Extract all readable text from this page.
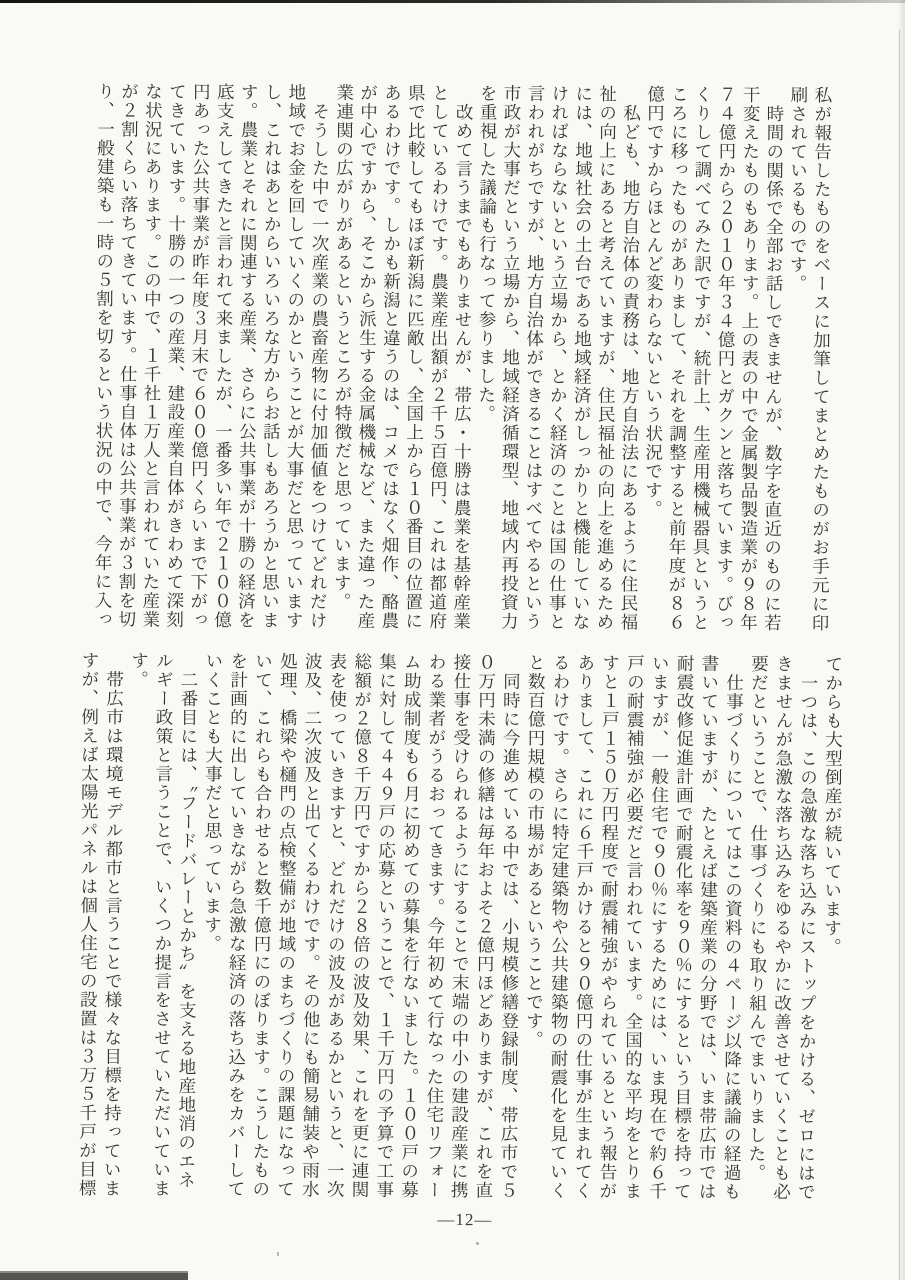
私が報告したものをベースに加筆してまとめたものがお手元に印刷されているものです。

時間の関係で全部お話しできませんが、数字を直近のものに若干変えたものもあります。上の表の中で金属製品製造業が９８年７４億円から２０１０年３４億円とガクンと落ちています。びっくりして調べてみた訳ですが、統計上、生産用機械器具というところに移ったものがありまして、それを調整すると前年度が８６億円ですからほとんど変わらないという状況です。

私ども、地方自治体の責務は、地方自治法にあるように住民福祉の向上にあると考えていますが、住民福祉の向上を進めるためには、地域社会の土台である地域経済がしっかりと機能していなければならないという立場から、とかく経済のことは国の仕事と言われがちですが、地方自治体ができることはすべてやるという市政が大事だという立場から、地域経済循環型、地域内再投資力を重視した議論も行なって参りました。

改めて言うまでもありませんが、帯広・十勝は農業を基幹産業としているわけです。農業産出額が２千５百億円、これは都道府県で比較してもほぼ新潟に匹敵し、全国上から１０番目の位置にあるわけです。しかも新潟と違うのは、コメではなく畑作、酪農が中心ですから、そこから派生する金属機械など、また違った産業連関の広がりがあるというところが特徴だと思っています。

そうした中で一次産業の農畜産物に付加価値をつけてどれだけ地域でお金を回していくのかということが大事だと思っていますし、これはあとからいろいろな方からお話しもあろうかと思います。農業とそれに関連する産業、さらに公共事業が十勝の経済を底支えしてきたと言われて来ましたが、一番多い年で２１００億円あった公共事業が昨年度３月末で６００億円くらいまで下がってきています。十勝の一つの産業、建設産業自体がきわめて深刻な状況にあります。この中で、１千社１万人と言われていた産業が２割くらい落ちてきています。仕事自体は公共事業が３割を切り、一般建築も一時の５割を切るという状況の中で、今年に入っ

てからも大型倒産が続いています。

一つは、この急激な落ち込みにストップをかける、ゼロにはできませんが急激な落ち込みをゆるやかに改善させていくことも必要だということで、仕事づくりにも取り組んでまいりました。

仕事づくりについてはこの資料の４ページ以降に議論の経過も書いていますが、たとえば建築産業の分野では、いま帯広市では耐震改修促進計画で耐震化率を９０％にするという目標を持っていますが、一般住宅で９０％にするためには、いま現在で約６千戸の耐震補強が必要だと言われています。全国的な平均をとりますと１戸１５０万円程度で耐震補強がやられているという報告がありまして、これに６千戸かけると９０億円の仕事が生まれてくるわけです。さらに特定建築物や公共建築物の耐震化を見ていくと数百億円規模の市場があるということです。

同時に今進めている中では、小規模修繕登録制度、帯広市で５０万円未満の修繕は毎年およそ２億円ほどありますが、これを直接仕事を受けられるようにすることで末端の中小の建設産業に携わる業者がうるおってきます。今年初めて行なった住宅リフォーム助成制度も６月に初めての募集を行ないました。１００戸の募集に対して４４９戸の応募ということで、１千万円の予算で工事総額が２億８千万円ですから２８倍の波及効果、これを更に連関表を使っていきますと、どれだけの波及があるかというと、一次波及、二次波及と出てくるわけです。その他にも簡易舗装や雨水処理、橋梁や樋門の点検整備が地域のまちづくりの課題になっていて、これらも合わせると数千億円にのぼります。こうしたものを計画的に出していきながら急激な経済の落ち込みをカバーしていくことも大事だと思っています。

二番目には、〝フードバレーとかち〟を支える地産地消のエネルギー政策と言うことで、いくつか提言をさせていただいています。

帯広市は環境モデル都市と言うことで様々な目標を持っていますが、例えば太陽光パネルは個人住宅の設置は３万５千戸が目標

―12―
